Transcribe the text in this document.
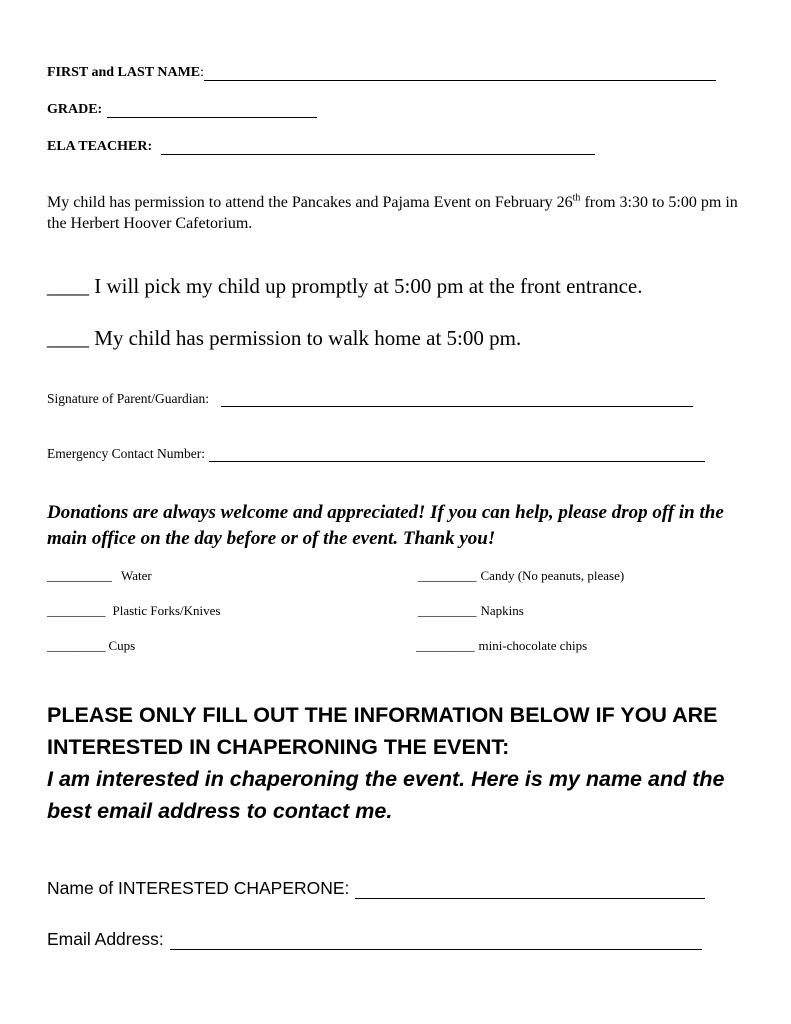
FIRST and LAST NAME :
GRADE:
ELA TEACHER:
My child has permission to attend the Pancakes and Pajama Event on February 26th from 3:30 to 5:00 pm in the Herbert Hoover Cafetorium.
____ I will pick my child up promptly at 5:00 pm at the front entrance.
____ My child has permission to walk home at 5:00 pm.
Signature of Parent/Guardian:
Emergency Contact Number:
Donations are always welcome and appreciated! If you can help, please drop off in the main office on the day before or of the event. Thank you!
__________ Water
_________ Plastic Forks/Knives
_________ Cups
_________ Candy (No peanuts, please)
_________ Napkins
_________ mini-chocolate chips
PLEASE ONLY FILL OUT THE INFORMATION BELOW IF YOU ARE INTERESTED IN CHAPERONING THE EVENT:
I am interested in chaperoning the event. Here is my name and the best email address to contact me.
Name of INTERESTED CHAPERONE:
Email Address:
